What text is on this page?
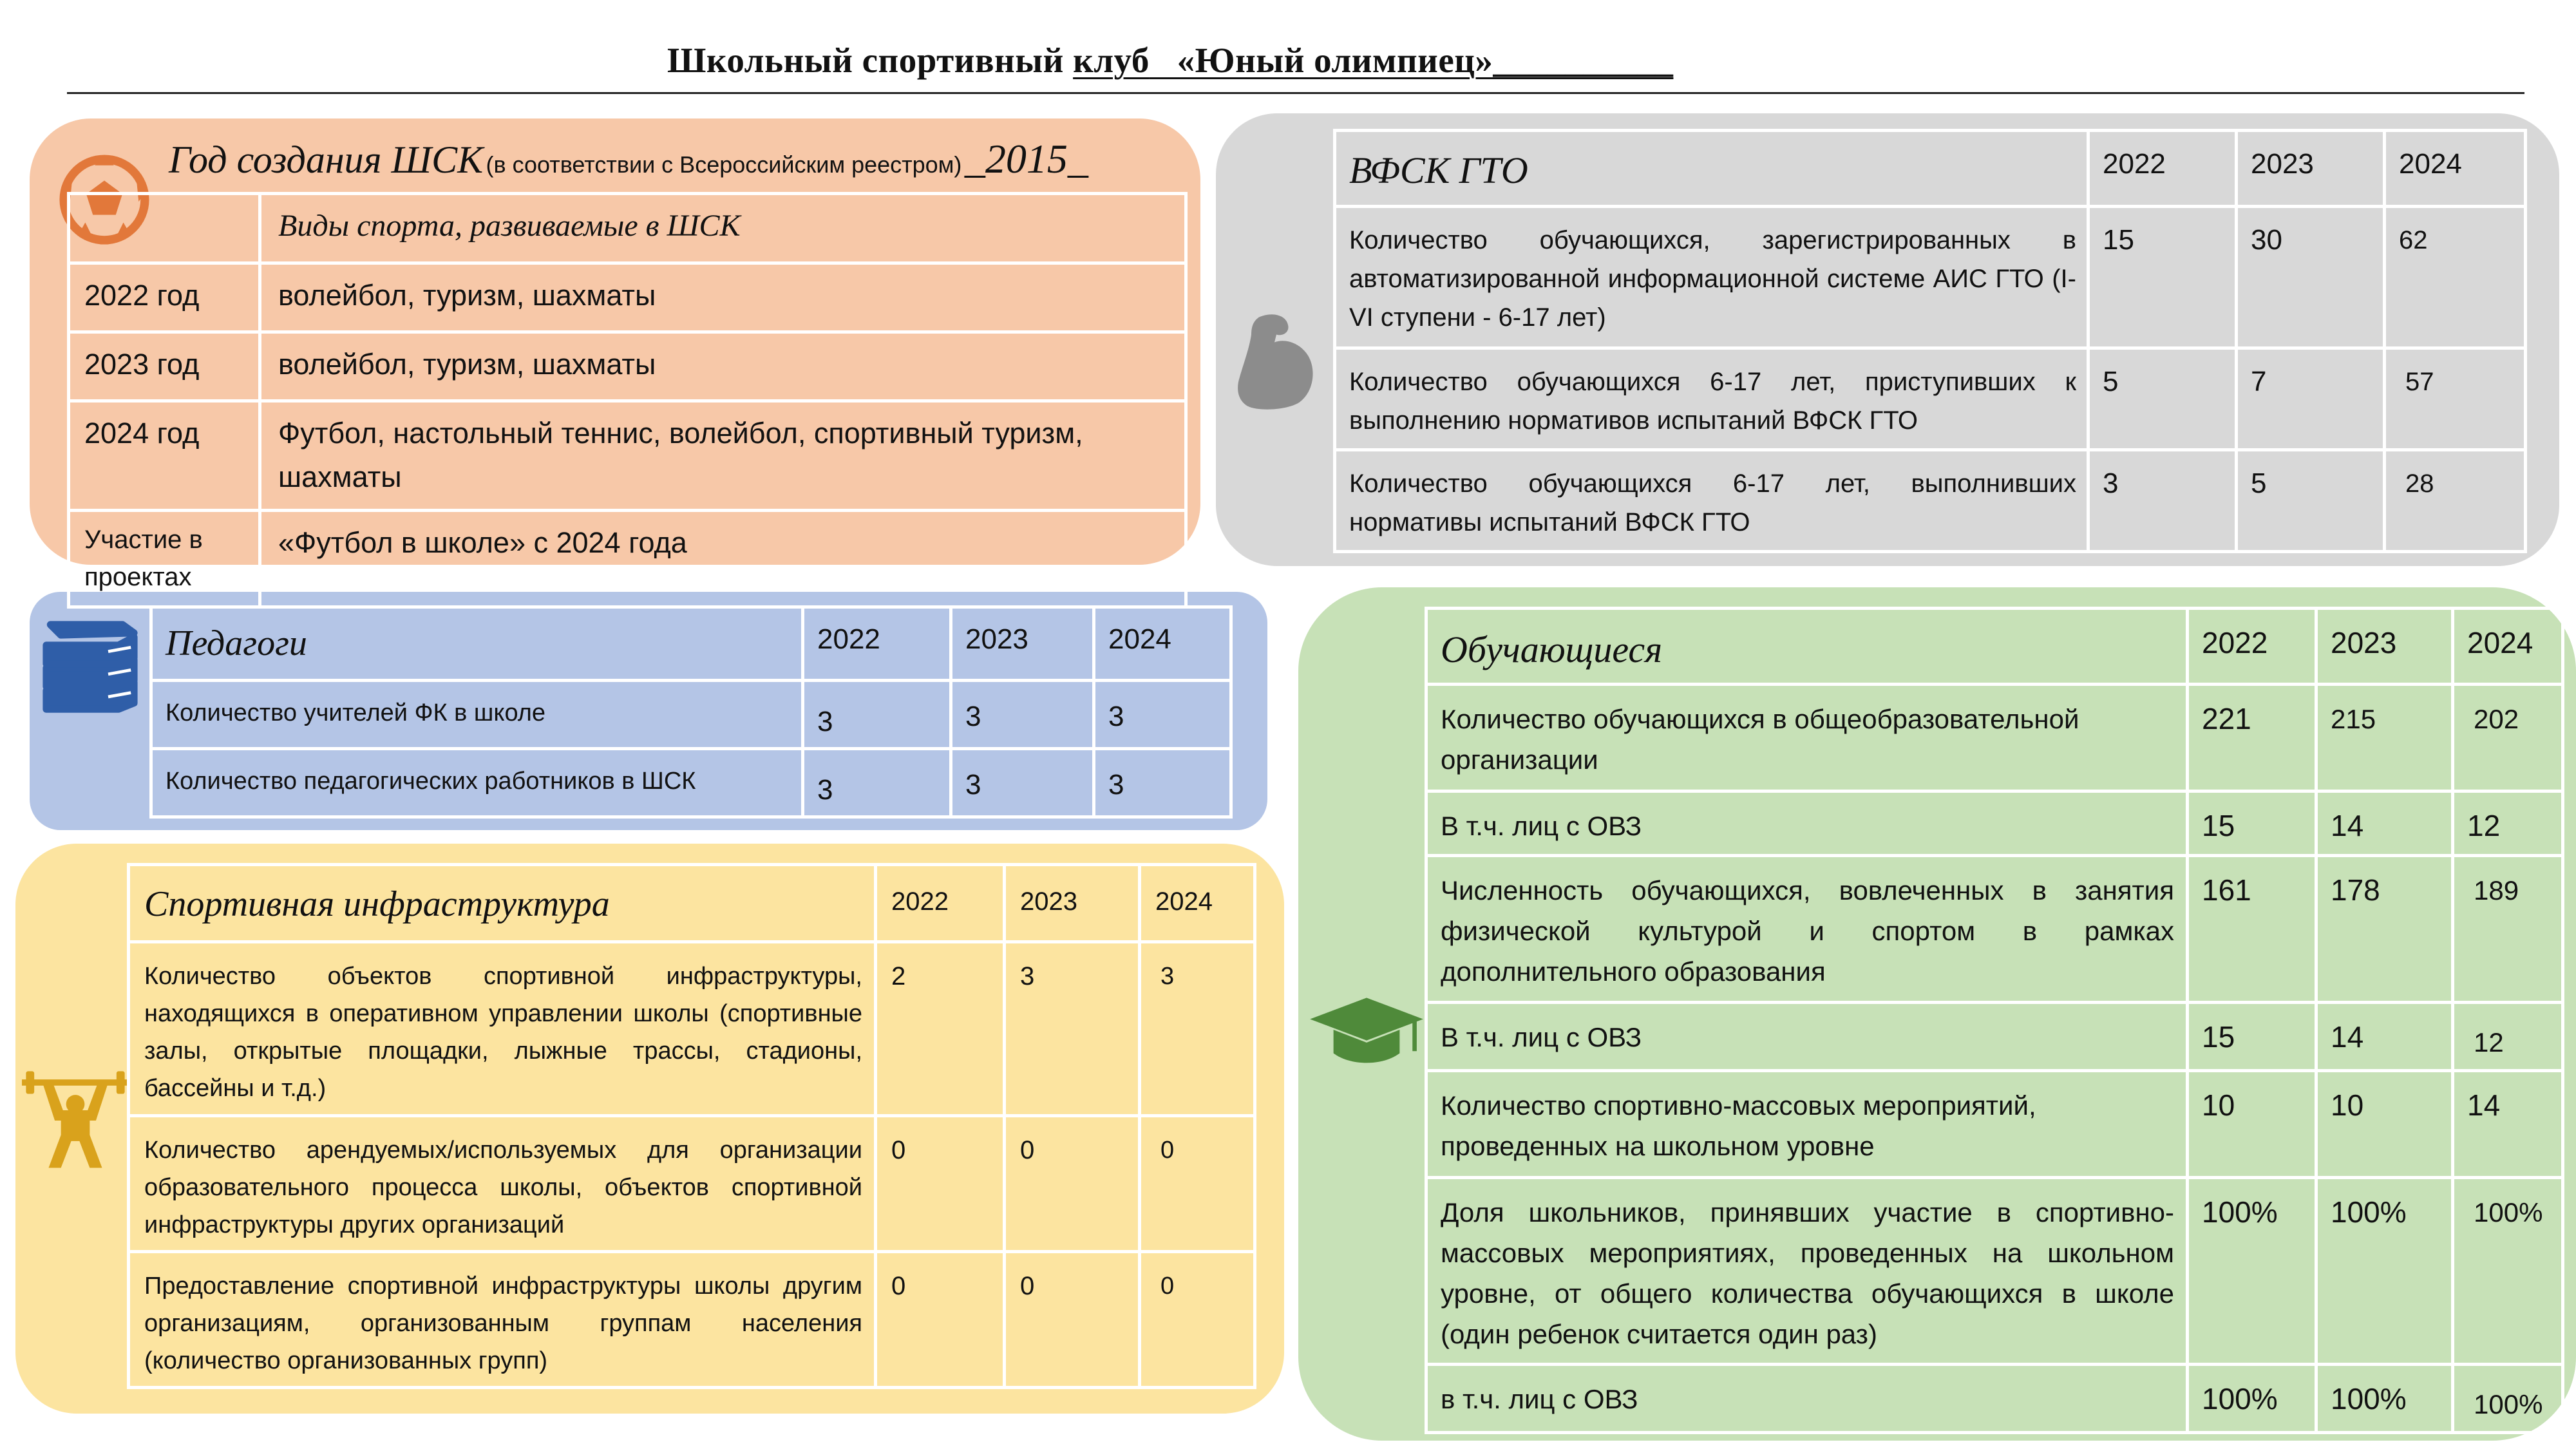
Школьный спортивный клуб   «Юный олимпиец»__________
Год создания ШСК (в соответствии с Всероссийским реестром) _2015_
	Виды спорта, развиваемые в ШСК
2022 год	волейбол, туризм, шахматы
2023 год	волейбол, туризм, шахматы
2024 год	Футбол, настольный теннис, волейбол, спортивный туризм, шахматы
Участие в проектах	«Футбол в школе» с 2024 года
ВФСК ГТО	2022	2023	2024
Количество обучающихся, зарегистрированных в автоматизированной информационной системе АИС ГТО (I-VI ступени - 6-17 лет)	15	30	62
Количество обучающихся 6-17 лет, приступивших к выполнению нормативов испытаний ВФСК ГТО	5	7	57
Количество обучающихся 6-17 лет, выполнивших нормативы испытаний ВФСК ГТО	3	5	28
Педагоги	2022	2023	2024
Количество учителей ФК в школе	3	3	3
Количество педагогических работников в ШСК	3	3	3
Спортивная инфраструктура	2022	2023	2024
Количество объектов спортивной инфраструктуры, находящихся в оперативном управлении школы (спортивные залы, открытые площадки, лыжные трассы, стадионы, бассейны и т.д.)	2	3	3
Количество арендуемых/используемых для организации образовательного процесса школы, объектов спортивной инфраструктуры других организаций	0	0	0
Предоставление спортивной инфраструктуры школы другим организациям, организованным группам населения (количество организованных групп)	0	0	0
Обучающиеся	2022	2023	2024
Количество обучающихся в общеобразовательной организации	221	215	202
В т.ч. лиц с ОВЗ	15	14	12
Численность обучающихся, вовлеченных в занятия физической культурой и спортом в рамках дополнительного образования	161	178	189
В т.ч. лиц с ОВЗ	15	14	12
Количество спортивно-массовых мероприятий, проведенных на школьном уровне	10	10	14
Доля школьников, принявших участие в спортивно-массовых мероприятиях, проведенных на школьном уровне, от общего количества обучающихся в школе (один ребенок считается один раз)	100%	100%	100%
в т.ч. лиц с ОВЗ	100%	100%	100%
